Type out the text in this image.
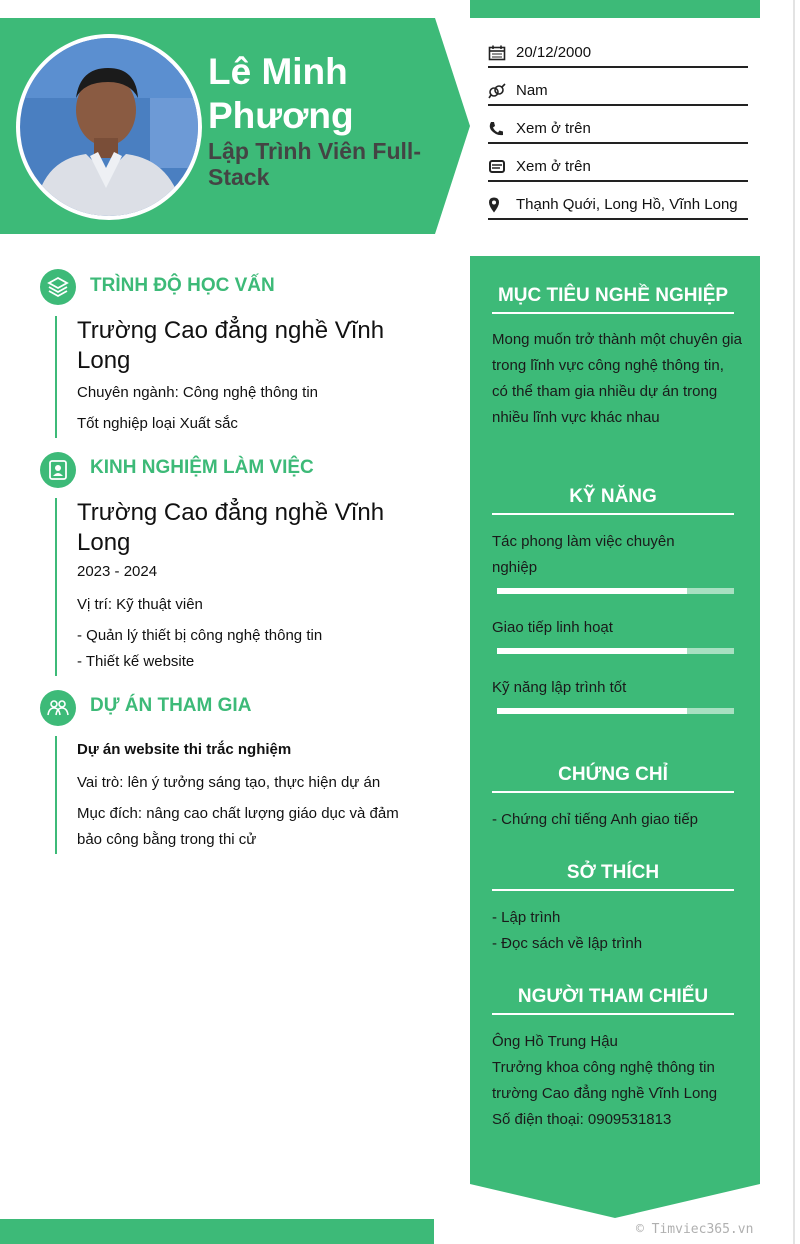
Lê Minh Phương
Lập Trình Viên Full-Stack
20/12/2000
Nam
Xem ở trên
Xem ở trên
Thạnh Quới, Long Hồ, Vĩnh Long
TRÌNH ĐỘ HỌC VẤN
Trường Cao đẳng nghề Vĩnh Long
Chuyên ngành: Công nghệ thông tin
Tốt nghiệp loại Xuất sắc
KINH NGHIỆM LÀM VIỆC
Trường Cao đẳng nghề Vĩnh Long
2023 - 2024
Vị trí: Kỹ thuật viên
- Quản lý thiết bị công nghệ thông tin
- Thiết kế website
DỰ ÁN THAM GIA
Dự án website thi trắc nghiệm
Vai trò: lên ý tưởng sáng tạo, thực hiện dự án
Mục đích: nâng cao chất lượng giáo dục và đảm bảo công bằng trong thi cử
MỤC TIÊU NGHỀ NGHIỆP
Mong muốn trở thành một chuyên gia trong lĩnh vực công nghệ thông tin, có thể tham gia nhiều dự án trong nhiều lĩnh vực khác nhau
KỸ NĂNG
Tác phong làm việc chuyên nghiệp
Giao tiếp linh hoạt
Kỹ năng lập trình tốt
CHỨNG CHỈ
- Chứng chỉ tiếng Anh giao tiếp
SỞ THÍCH
- Lập trình
- Đọc sách về lập trình
NGƯỜI THAM CHIẾU
Ông Hồ Trung Hậu
Trưởng khoa công nghệ thông tin trường Cao đẳng nghề Vĩnh Long
Số điện thoại: 0909531813
© Timviec365.vn
